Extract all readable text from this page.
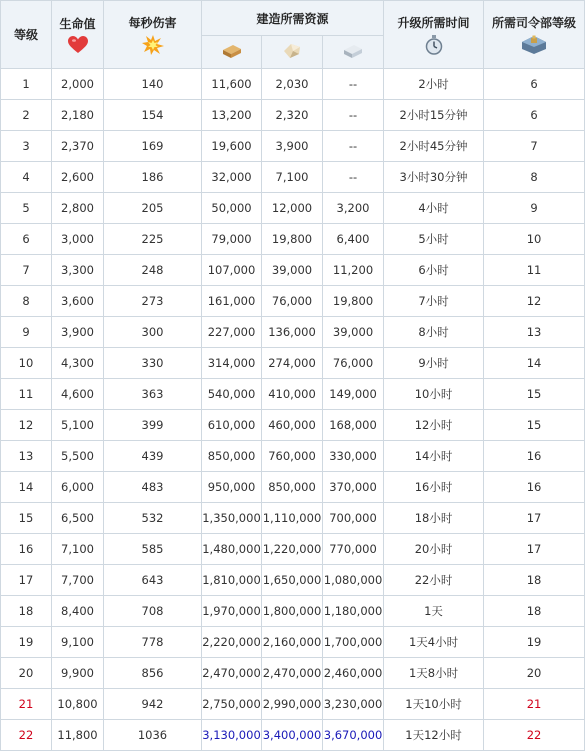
等级	生命值	每秒伤害	建造所需资源			升级所需时间	所需司令部等级

1	2,000	140	11,600	2,030	--	2小时	6
2	2,180	154	13,200	2,320	--	2小时15分钟	6
3	2,370	169	19,600	3,900	--	2小时45分钟	7
4	2,600	186	32,000	7,100	--	3小时30分钟	8
5	2,800	205	50,000	12,000	3,200	4小时	9
6	3,000	225	79,000	19,800	6,400	5小时	10
7	3,300	248	107,000	39,000	11,200	6小时	11
8	3,600	273	161,000	76,000	19,800	7小时	12
9	3,900	300	227,000	136,000	39,000	8小时	13
10	4,300	330	314,000	274,000	76,000	9小时	14
11	4,600	363	540,000	410,000	149,000	10小时	15
12	5,100	399	610,000	460,000	168,000	12小时	15
13	5,500	439	850,000	760,000	330,000	14小时	16
14	6,000	483	950,000	850,000	370,000	16小时	16
15	6,500	532	1,350,000	1,110,000	700,000	18小时	17
16	7,100	585	1,480,000	1,220,000	770,000	20小时	17
17	7,700	643	1,810,000	1,650,000	1,080,000	22小时	18
18	8,400	708	1,970,000	1,800,000	1,180,000	1天	18
19	9,100	778	2,220,000	2,160,000	1,700,000	1天4小时	19
20	9,900	856	2,470,000	2,470,000	2,460,000	1天8小时	20
21	10,800	942	2,750,000	2,990,000	3,230,000	1天10小时	21
22	11,800	1036	3,130,000	3,400,000	3,670,000	1天12小时	22
